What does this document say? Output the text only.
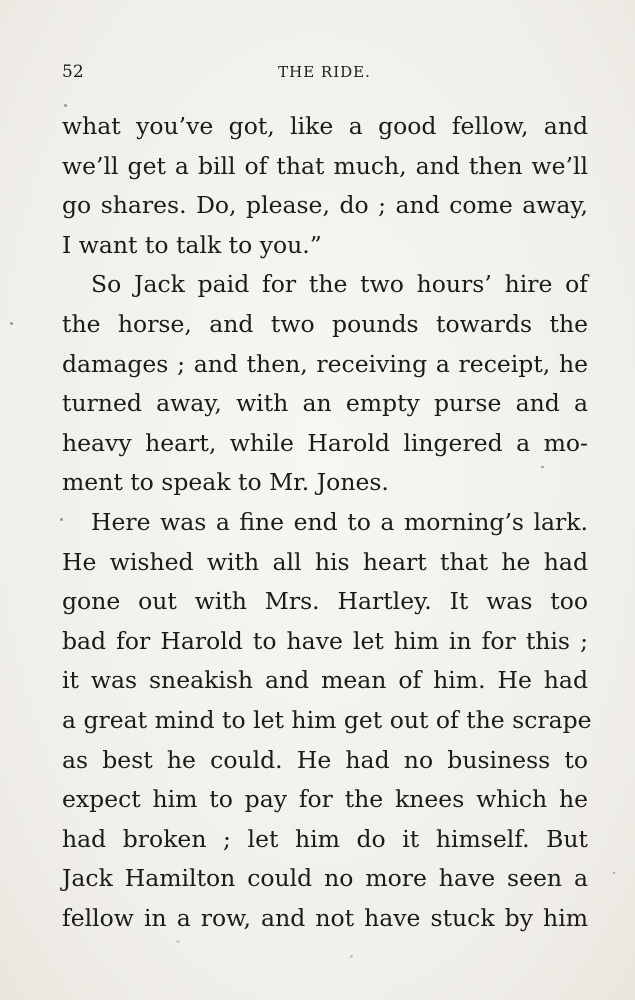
52	THE RIDE.
what you’ve got, like a good fellow, and
we’ll get a bill of that much, and then we’ll
go shares. Do, please, do ; and come away,
I want to talk to you.”
So Jack paid for the two hours’ hire of
the horse, and two pounds towards the
damages ; and then, receiving a receipt, he
turned away, with an empty purse and a
heavy heart, while Harold lingered a mo-
ment to speak to Mr. Jones.
Here was a fine end to a morning’s lark.
He wished with all his heart that he had
gone out with Mrs. Hartley. It was too
bad for Harold to have let him in for this ;
it was sneakish and mean of him. He had
a great mind to let him get out of the scrape
as best he could. He had no business to
expect him to pay for the knees which he
had broken ; let him do it himself. But
Jack Hamilton could no more have seen a
fellow in a row, and not have stuck by him
